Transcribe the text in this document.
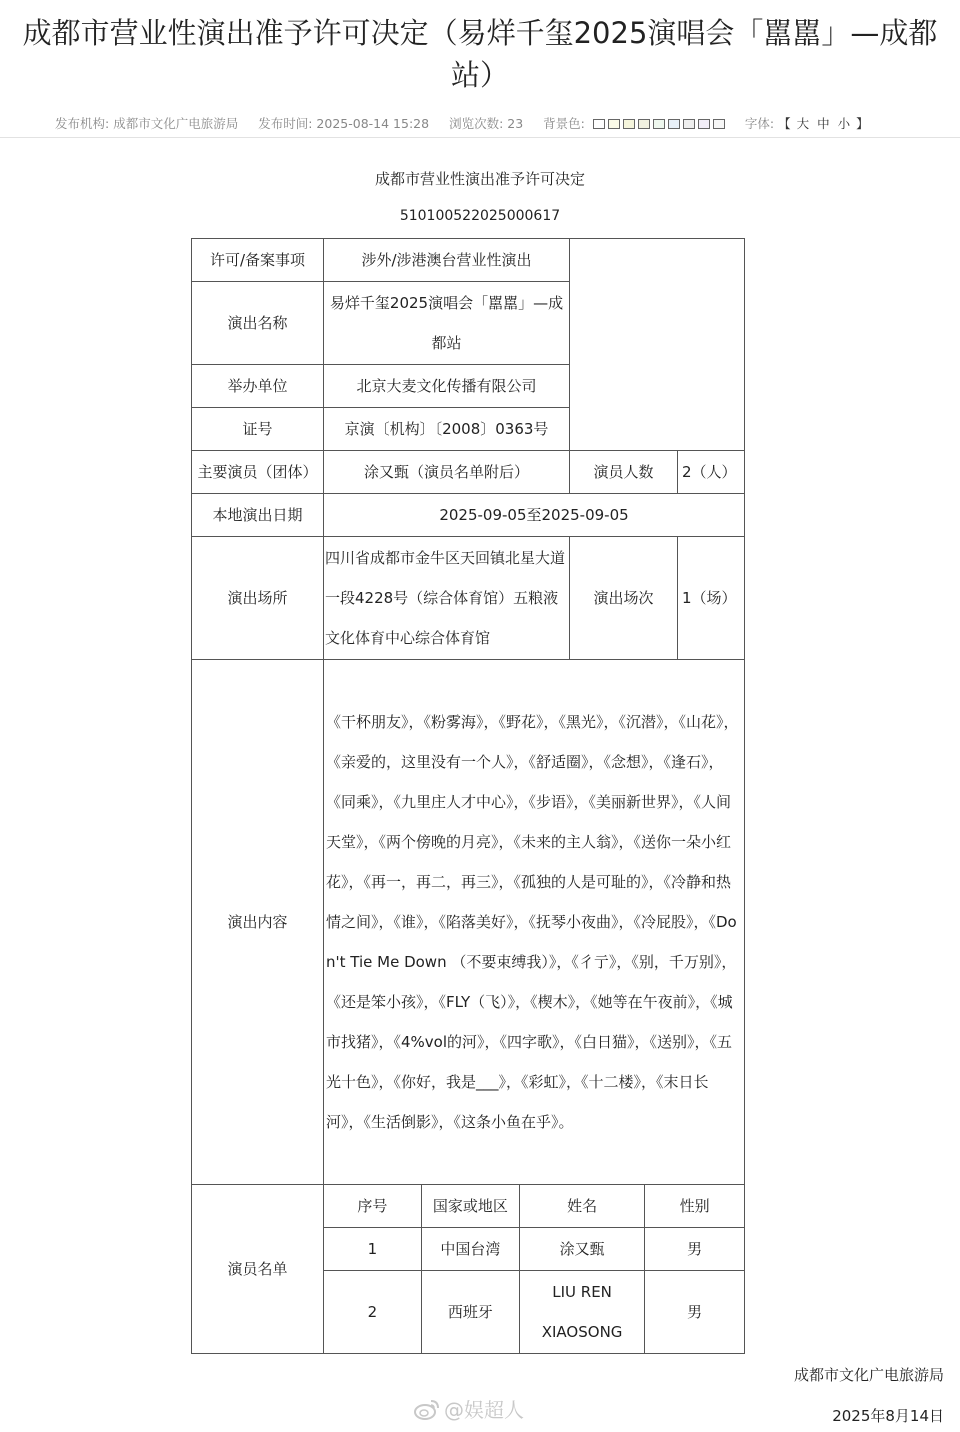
成都市营业性演出准予许可决定（易烊千玺2025演唱会「嚚嚚」—成都站）
发布机构: 成都市文化广电旅游局 发布时间: 2025-08-14 15:28 浏览次数: 23 背景色:	字体: 【 大 中 小 】
成都市营业性演出准予许可决定
510100522025000617
许可/备案事项	涉外/涉港澳台营业性演出	
演出名称	易烊千玺2025演唱会「嚚嚚」—成都站
举办单位	北京大麦文化传播有限公司
证号	京演〔机构〕〔2008〕0363号
主要演员（团体）	涂又甄（演员名单附后）	演员人数	2（人）
本地演出日期	2025-09-05至2025-09-05
演出场所	四川省成都市金牛区天回镇北星大道一段4228号（综合体育馆）五粮液文化体育中心综合体育馆	演出场次	1（场）
演出内容	《干杯朋友》，《粉雾海》，《野花》，《黑光》，《沉潜》，《山花》，《亲爱的，这里没有一个人》，《舒适圈》，《念想》，《逢石》，《同乘》，《九里庄人才中心》，《步语》，《美丽新世界》，《人间天堂》，《两个傍晚的月亮》，《未来的主人翁》，《送你一朵小红花》，《再一，再二，再三》，《孤独的人是可耻的》，《冷静和热情之间》，《谁》，《陷落美好》，《抚琴小夜曲》，《冷屁股》，《Don't Tie Me Down （不要束缚我）》，《彳亍》，《别，千万别》，《还是笨小孩》，《FLY（飞）》，《楔木》，《她等在午夜前》，《城市找猪》，《4%vol的河》，《四字歌》，《白日猫》，《送别》，《五光十色》，《你好，我是___》，《彩虹》，《十二楼》，《末日长河》，《生活倒影》，《这条小鱼在乎》。
演员名单	
序号	国家或地区	姓名	性别
1	中国台湾	涂又甄	男
2	西班牙	LIU REN XIAOSONG	男
成都市文化广电旅游局
@娱超人	2025年8月14日
